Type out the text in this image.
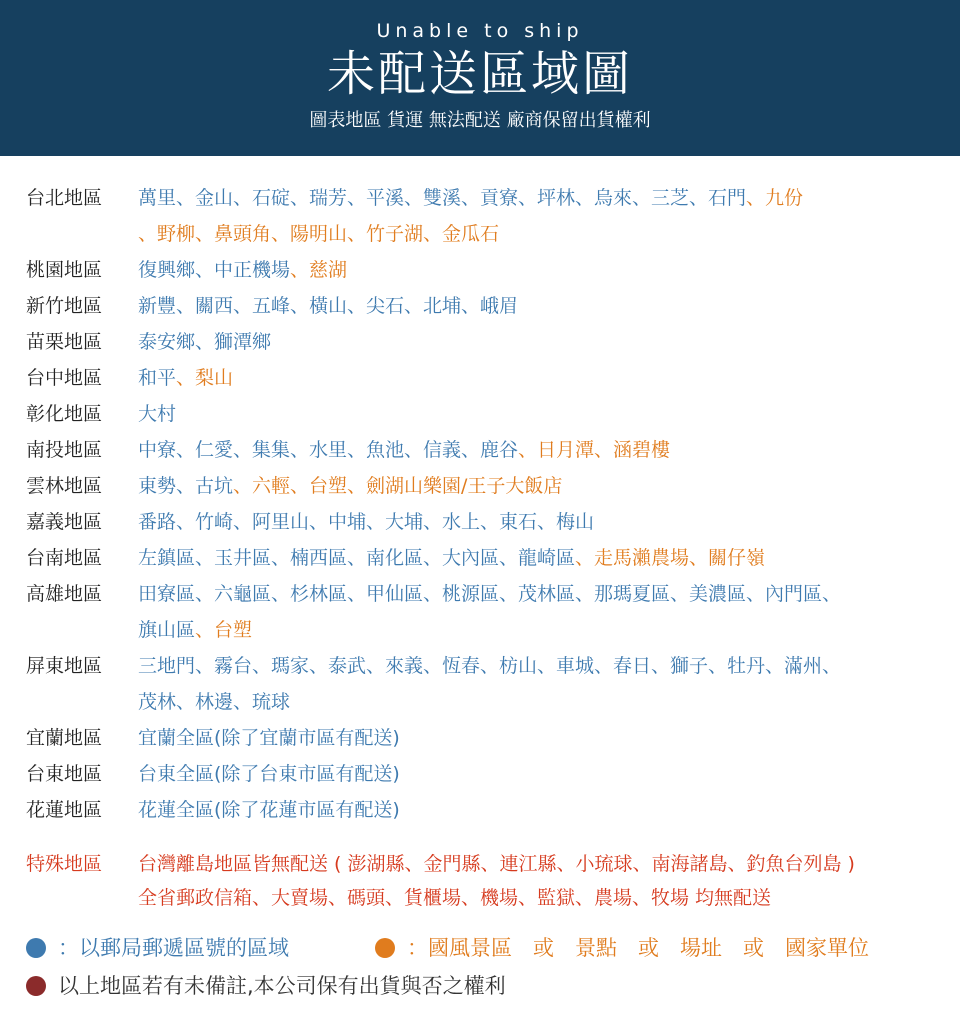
Unable to ship
未配送區域圖
圖表地區 貨運 無法配送 廠商保留出貨權利
台北地區	萬里、金山、石碇、瑞芳、平溪、雙溪、貢寮、坪林、烏來、三芝、石門、九份
、野柳、鼻頭角、陽明山、竹子湖、金瓜石
桃園地區	復興鄉、中正機場、慈湖
新竹地區	新豐、關西、五峰、橫山、尖石、北埔、峨眉
苗栗地區	泰安鄉、獅潭鄉
台中地區	和平、梨山
彰化地區	大村
南投地區	中寮、仁愛、集集、水里、魚池、信義、鹿谷、日月潭、涵碧樓
雲林地區	東勢、古坑、六輕、台塑、劍湖山樂園/王子大飯店
嘉義地區	番路、竹崎、阿里山、中埔、大埔、水上、東石、梅山
台南地區	左鎮區、玉井區、楠西區、南化區、大內區、龍崎區、走馬瀨農場、關仔嶺
高雄地區	田寮區、六龜區、杉林區、甲仙區、桃源區、茂林區、那瑪夏區、美濃區、內門區、
旗山區、台塑
屏東地區	三地門、霧台、瑪家、泰武、來義、恆春、枋山、車城、春日、獅子、牡丹、滿州、
茂林、林邊、琉球
宜蘭地區	宜蘭全區(除了宜蘭市區有配送)
台東地區	台東全區(除了台東市區有配送)
花蓮地區	花蓮全區(除了花蓮市區有配送)
特殊地區	台灣離島地區皆無配送 ( 澎湖縣、金門縣、連江縣、小琉球、南海諸島、釣魚台列島 )
全省郵政信箱、大賣場、碼頭、貨櫃場、機場、監獄、農場、牧場 均無配送
：以郵局郵遞區號的區域	：國風景區　或　景點　或　場址　或　國家單位
以上地區若有未備註,本公司保有出貨與否之權利
